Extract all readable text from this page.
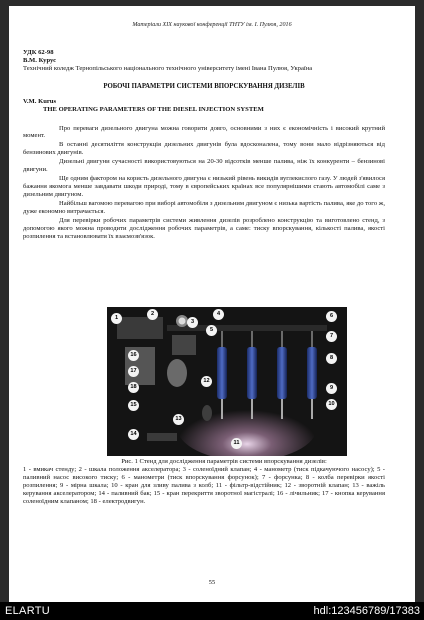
Матеріали XIX наукової конференції ТНТУ ім. І. Пулюя, 2016
УДК 62-98
В.М. Курус
Технічний коледж Тернопільського національного технічного університету імені Івана Пулюя, Україна
РОБОЧІ ПАРАМЕТРИ СИСТЕМИ ВПОРСКУВАННЯ ДИЗЕЛІВ
V.M. Kurus
THE OPERATING PARAMETERS OF THE DIESEL INJECTION SYSTEM

Про переваги дизельного двигуна можна говорити довго, основними з них є економічність і високий крутний момент.

В останні десятиліття конструкція дизельних двигунів була вдосконалена, тому вони мало відрізняються від бензинових двигунів.

Дизельні двигуни сучасності використовуються на 20-30 відсотків менше палива, ніж їх конкуренти – бензинові двигуни.

Ще одним фактором на користь дизельного двигуна є низький рівень викидів вуглекислого газу. У людей з'явилося бажання якомога менше завдавати шкоди природі, тому в європейських країнах все популярнішими стають автомобілі саме з дизельним двигуном.

Найбільш вагомою перевагою при виборі автомобіля з дизельним двигуном є низька вартість палива, яке до того ж, дуже економно витрачається.

Для перевірки робочих параметрів системи живлення дизелів розроблено конструкцію та виготовлено стенд, з допомогою якого можна проводити дослідження робочих параметрів, а саме: тиску впорскування, кількості палива, якості розпилення та встановлювати їх взаємозв'язок.

1
2
3
4
5
6
7
8
9
10
11
12
13
14
15
16
17
18
Рис. 1 Стенд для дослідження параметрів системи впорскування дизелів:
1 - вмикач стенду; 2 - шкала положення акселератора; 3 - соленоїдний клапан; 4 - манометр (тиск підкачуючого насосу); 5 - паливний насос високого тиску; 6 - манометри (тиск впорскування форсунок); 7 - форсунка; 8 - колба перевірки якості розпилення; 9 - мірна шкала; 10 - кран для зливу палива з колб; 11 - фільтр-відстійник; 12 - зворотній клапан; 13 - важіль керування акселератором; 14 - паливний бак; 15 - кран перекриття зворотної магістралі; 16 - лічильник; 17 - кнопка керування соленоїдним клапаном; 18 - електродвигун.
55
ELARTU	hdl:123456789/17383
